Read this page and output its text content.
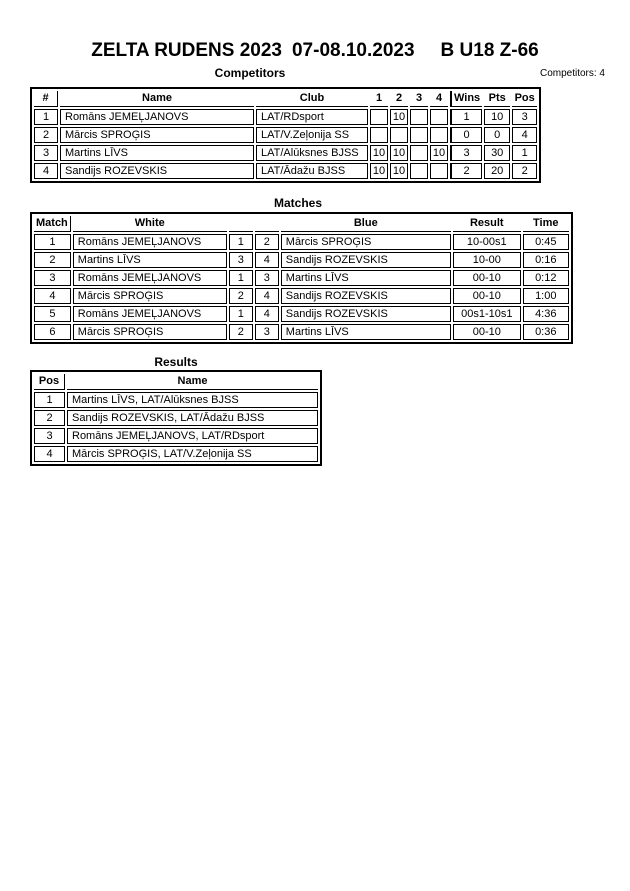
ZELTA RUDENS 2023 07-08.10.2023 B U18 Z-66
Competitors	Competitors: 4
#	Name	Club	1	2	3	4	Wins	Pts	Pos
1	Romāns JEMEĻJANOVS	LAT/RDsport		10			1	10	3
2	Mārcis SPROĢIS	LAT/V.Zeļonija SS					0	0	4
3	Martins LĪVS	LAT/Alūksnes BJSS	10	10		10	3	30	1
4	Sandijs ROZEVSKIS	LAT/Ādažu BJSS	10	10			2	20	2
Matches
Match	White			Blue	Result	Time
1	Romāns JEMEĻJANOVS	1	2	Mārcis SPROĢIS	10-00s1	0:45
2	Martins LĪVS	3	4	Sandijs ROZEVSKIS	10-00	0:16
3	Romāns JEMEĻJANOVS	1	3	Martins LĪVS	00-10	0:12
4	Mārcis SPROĢIS	2	4	Sandijs ROZEVSKIS	00-10	1:00
5	Romāns JEMEĻJANOVS	1	4	Sandijs ROZEVSKIS	00s1-10s1	4:36
6	Mārcis SPROĢIS	2	3	Martins LĪVS	00-10	0:36
Results
Pos	Name
1	Martins LĪVS, LAT/Alūksnes BJSS
2	Sandijs ROZEVSKIS, LAT/Ādažu BJSS
3	Romāns JEMEĻJANOVS, LAT/RDsport
4	Mārcis SPROĢIS, LAT/V.Zeļonija SS
